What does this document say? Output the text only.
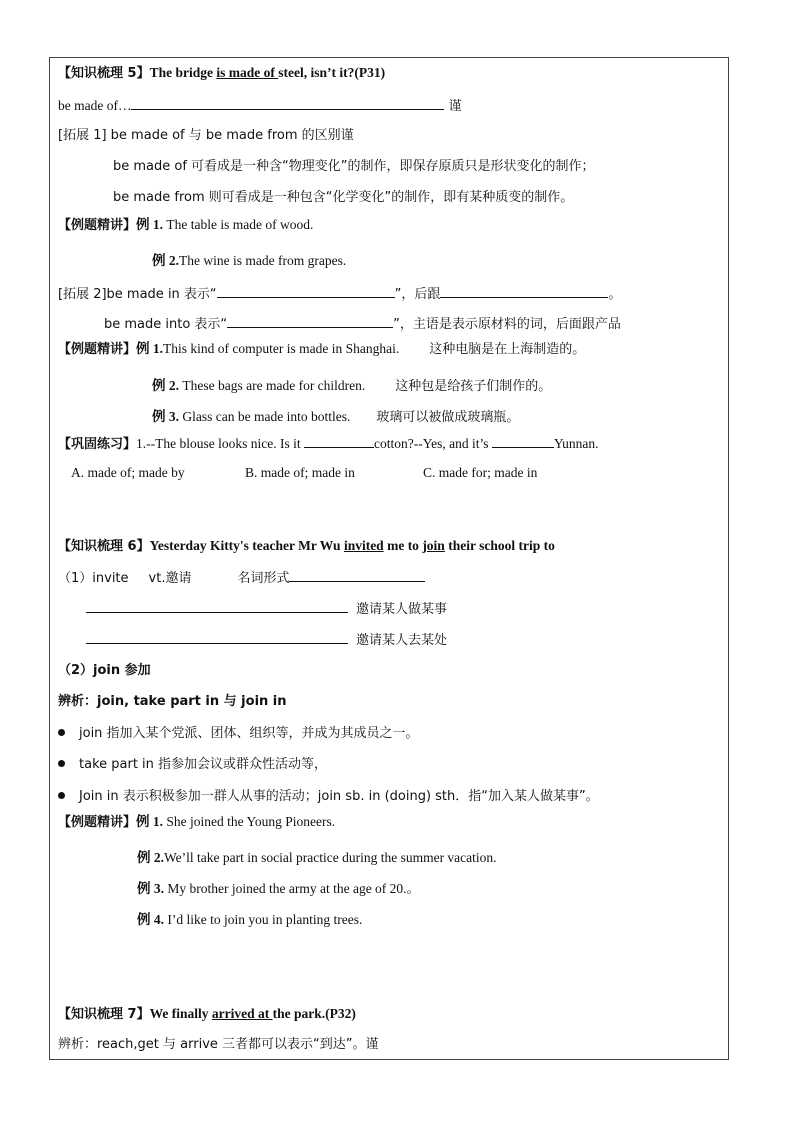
【知识梳理 5】The bridge is made of steel, isn’t it?(P31)
be made of…	谨
[拓展 1] be made of 与 be made from 的区别谨
be made of 可看成是一种含“物理变化”的制作，即保存原质只是形状变化的制作；
be made from 则可看成是一种包含“化学变化”的制作，即有某种质变的制作。
【例题精讲】例 1. The table is made of wood.
例 2.The wine is made from grapes.
[拓展 2]be made in 表示“	”，后跟	。
be made into 表示“	”，主语是表示原材料的词，后面跟产品
【例题精讲】例 1.This kind of computer is made in Shanghai. 这种电脑是在上海制造的。
例 2. These bags are made for children. 这种包是给孩子们制作的。
例 3. Glass can be made into bottles. 玻璃可以被做成玻璃瓶。
【巩固练习】1.--The blouse looks nice. Is it	cotton?--Yes, and it’s	Yunnan.
A. made of; made by	B. made of; made in	C. made for; made in
【知识梳理 6】Yesterday Kitty's teacher Mr Wu invited me to join their school trip to
（1）invite vt.邀请	名词形式
邀请某人做某事
邀请某人去某处
（2）join 参加
辨析：join, take part in 与 join in
join 指加入某个党派、团体、组织等，并成为其成员之一。
take part in 指参加会议或群众性活动等，
Join in 表示积极参加一群人从事的活动；join sb. in (doing) sth．指“加入某人做某事”。
【例题精讲】例 1. She joined the Young Pioneers.
例 2.We’ll take part in social practice during the summer vacation.
例 3. My brother joined the army at the age of 20.。
例 4. I’d like to join you in planting trees.
【知识梳理 7】We finally arrived at the park.(P32)
辨析：reach,get 与 arrive 三者都可以表示“到达”。谨
